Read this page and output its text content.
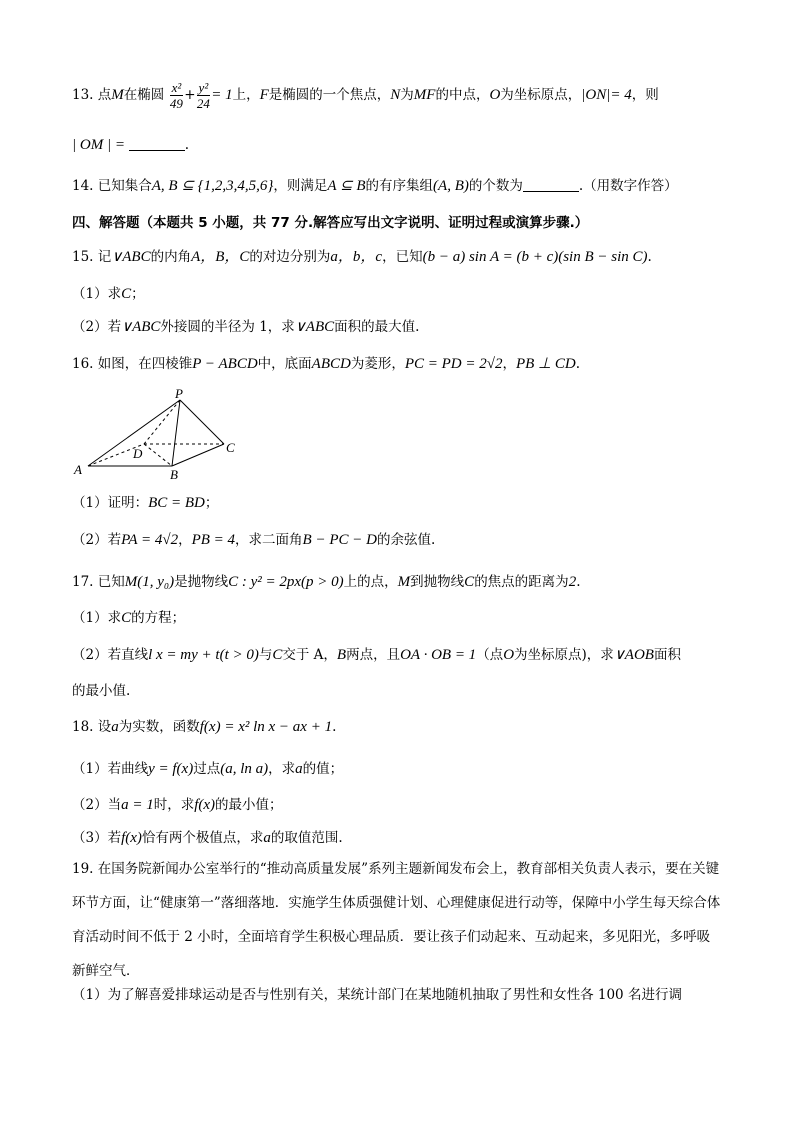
13. 点M在椭圆 $\frac{\text{x²}}{49} + \frac{\text{y²}}{24} = 1$上，F是椭圆的一个焦点，N为MF的中点，O为坐标原点，|ON|= 4，则
| OM | =	.
14. 已知集合A, B ⊆ {1,2,3,4,5,6}，则满足A ⊆ B的有序集组(A, B)的个数为	.（用数字作答）
四、解答题（本题共 5 小题，共 77 分.解答应写出文字说明、证明过程或演算步骤.）
15. 记∨ABC的内角A，B，C的对边分别为a，b，c，已知(b − a) sin A = (b + c)(sin B − sin C).
（1）求C；
（2）若∨ABC外接圆的半径为 1，求∨ABC面积的最大值.
16. 如图，在四棱锥P − ABCD中，底面ABCD为菱形，PC = PD = 2√2，PB ⊥ CD.
P
A	B
C
D
（1）证明：BC = BD；
（2）若PA = 4√2，PB = 4，求二面角B − PC − D的余弦值.
17. 已知M(1, y₀)是抛物线C : y² = 2px(p > 0)上的点，M到抛物线C的焦点的距离为2.
（1）求C的方程；
（2）若直线l x = my + t(t > 0)与C交于 A，B两点，且OA · OB = 1（点O为坐标原点)，求∨AOB面积
的最小值.
18. 设a为实数，函数f(x) = x² ln x − ax + 1.
（1）若曲线y = f(x)过点(a, ln a)，求a的值；
（2）当a = 1时，求f(x)的最小值；
（3）若f(x)恰有两个极值点，求a的取值范围.
19. 在国务院新闻办公室举行的“推动高质量发展”系列主题新闻发布会上，教育部相关负责人表示，要在关键环节方面，让“健康第一”落细落地．实施学生体质强健计划、心理健康促进行动等，保障中小学生每天综合体育活动时间不低于 2 小时，全面培育学生积极心理品质．要让孩子们动起来、互动起来，多见阳光，多呼吸新鲜空气．
（1）为了解喜爱排球运动是否与性别有关，某统计部门在某地随机抽取了男性和女性各 100 名进行调
